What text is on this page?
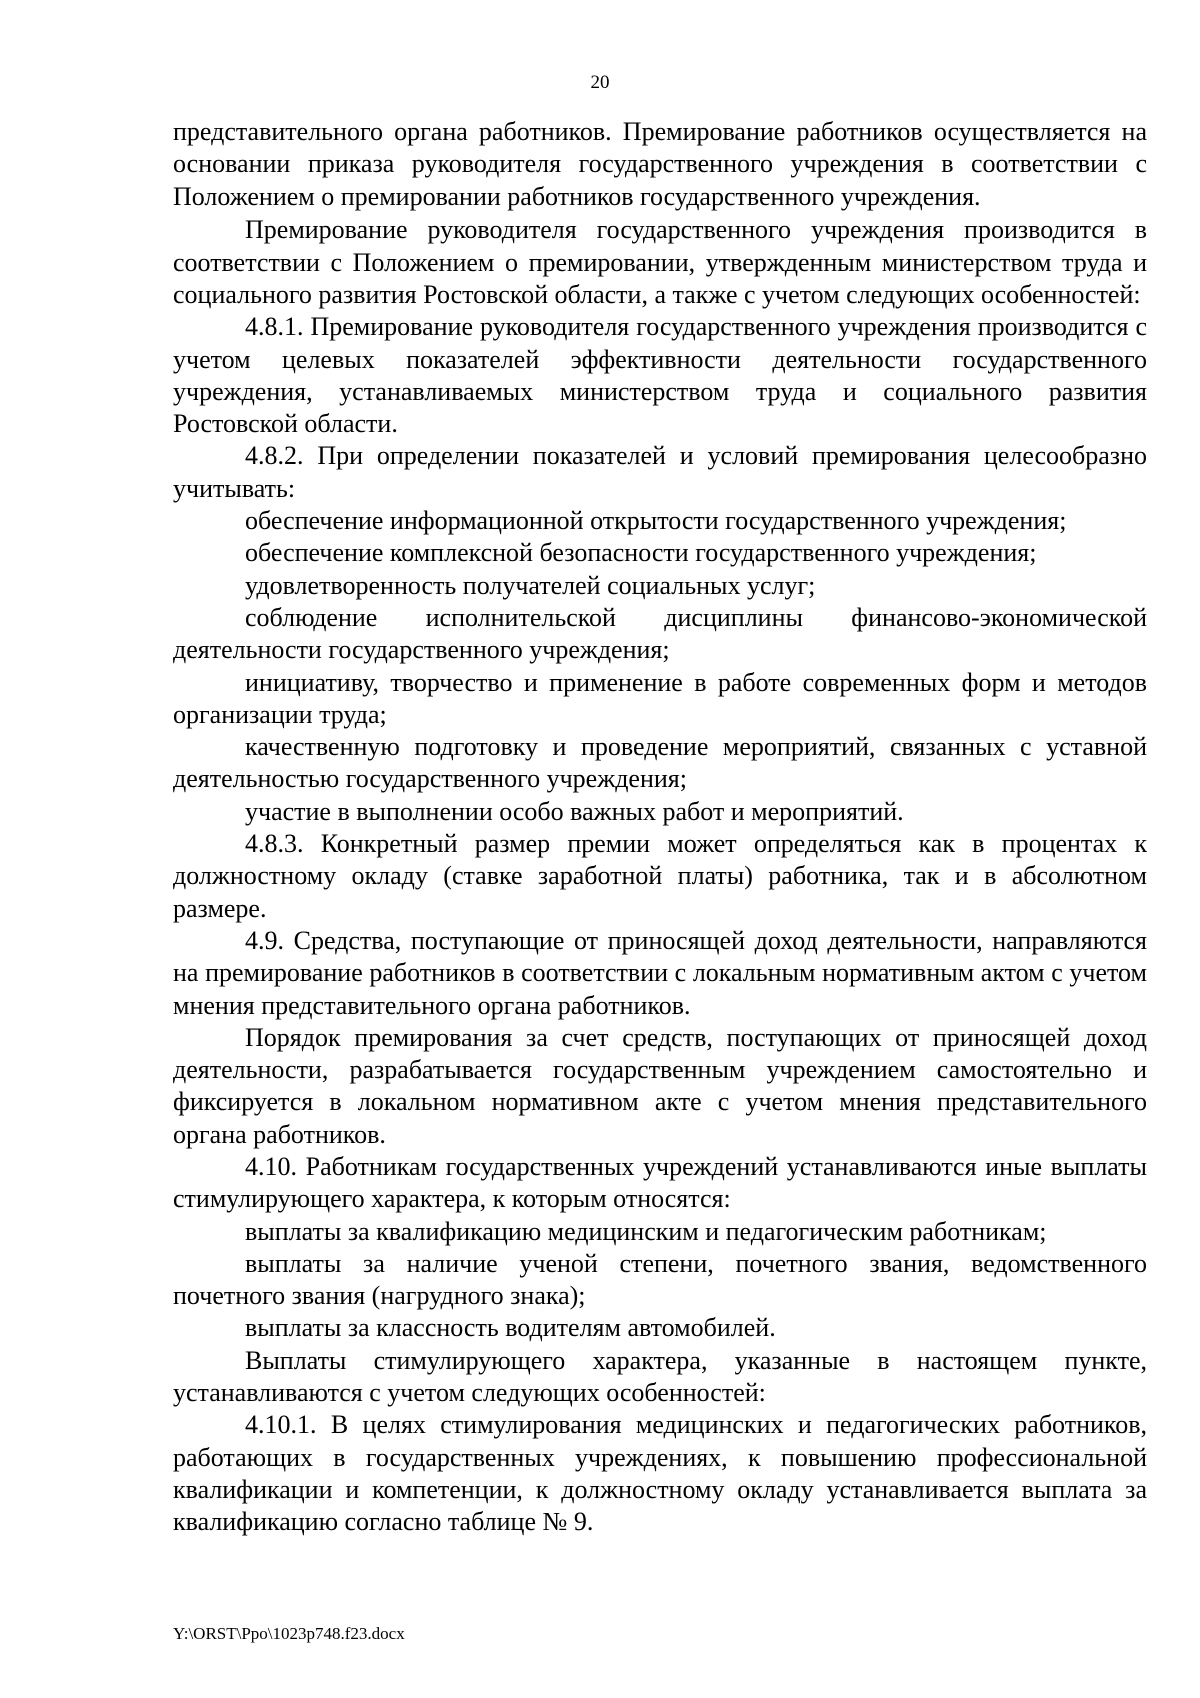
20

представительного органа работников. Премирование работников осуществляется на основании приказа руководителя государственного учреждения в соответствии с Положением о премировании работников государственного учреждения.

Премирование руководителя государственного учреждения производится в соответствии с Положением о премировании, утвержденным министерством труда и социального развития Ростовской области, а также с учетом следующих особенностей:

4.8.1. Премирование руководителя государственного учреждения производится с учетом целевых показателей эффективности деятельности государственного учреждения, устанавливаемых министерством труда и социального развития Ростовской области.

4.8.2. При определении показателей и условий премирования целесообразно учитывать:

обеспечение информационной открытости государственного учреждения;

обеспечение комплексной безопасности государственного учреждения;

удовлетворенность получателей социальных услуг;

соблюдение исполнительской дисциплины финансово-экономической деятельности государственного учреждения;

инициативу, творчество и применение в работе современных форм и методов организации труда;

качественную подготовку и проведение мероприятий, связанных с уставной деятельностью государственного учреждения;

участие в выполнении особо важных работ и мероприятий.

4.8.3. Конкретный размер премии может определяться как в процентах к должностному окладу (ставке заработной платы) работника, так и в абсолютном размере.

4.9. Средства, поступающие от приносящей доход деятельности, направляются на премирование работников в соответствии с локальным нормативным актом с учетом мнения представительного органа работников.

Порядок премирования за счет средств, поступающих от приносящей доход деятельности, разрабатывается государственным учреждением самостоятельно и фиксируется в локальном нормативном акте с учетом мнения представительного органа работников.

4.10. Работникам государственных учреждений устанавливаются иные выплаты стимулирующего характера, к которым относятся:

выплаты за квалификацию медицинским и педагогическим работникам;

выплаты за наличие ученой степени, почетного звания, ведомственного почетного звания (нагрудного знака);

выплаты за классность водителям автомобилей.

Выплаты стимулирующего характера, указанные в настоящем пункте, устанавливаются с учетом следующих особенностей:

4.10.1. В целях стимулирования медицинских и педагогических работников, работающих в государственных учреждениях, к повышению профессиональной квалификации и компетенции, к должностному окладу устанавливается выплата за квалификацию согласно таблице № 9.

Y:\ORST\Ppo\1023p748.f23.docx
